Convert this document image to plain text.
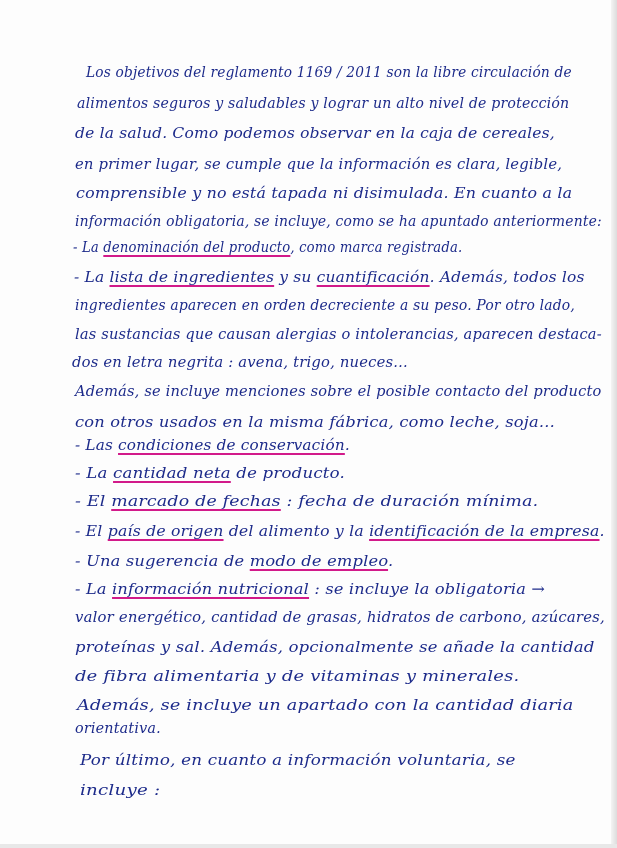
Los objetivos del reglamento 1169 / 2011 son la libre circulación de
alimentos seguros y saludables y lograr un alto nivel de protección
de la salud. Como podemos observar en la caja de cereales,
en primer lugar, se cumple que la información es clara, legible,
comprensible y no está tapada ni disimulada. En cuanto a la
información obligatoria, se incluye, como se ha apuntado anteriormente:
- La denominación del producto, como marca registrada.
- La lista de ingredientes y su cuantificación. Además, todos los
ingredientes aparecen en orden decreciente a su peso. Por otro lado,
las sustancias que causan alergias o intolerancias, aparecen destaca-
dos en letra negrita : avena, trigo, nueces...
Además, se incluye menciones sobre el posible contacto del producto
con otros usados en la misma fábrica, como leche, soja...
- Las condiciones de conservación.
- La cantidad neta de producto.
- El marcado de fechas : fecha de duración mínima.
- El país de origen del alimento y la identificación de la empresa.
- Una sugerencia de modo de empleo.
- La información nutricional : se incluye la obligatoria →
valor energético, cantidad de grasas, hidratos de carbono, azúcares,
proteínas y sal. Además, opcionalmente se añade la cantidad
de fibra alimentaria y de vitaminas y minerales.
Además, se incluye un apartado con la cantidad diaria
orientativa.
Por último, en cuanto a información voluntaria, se
incluye :
